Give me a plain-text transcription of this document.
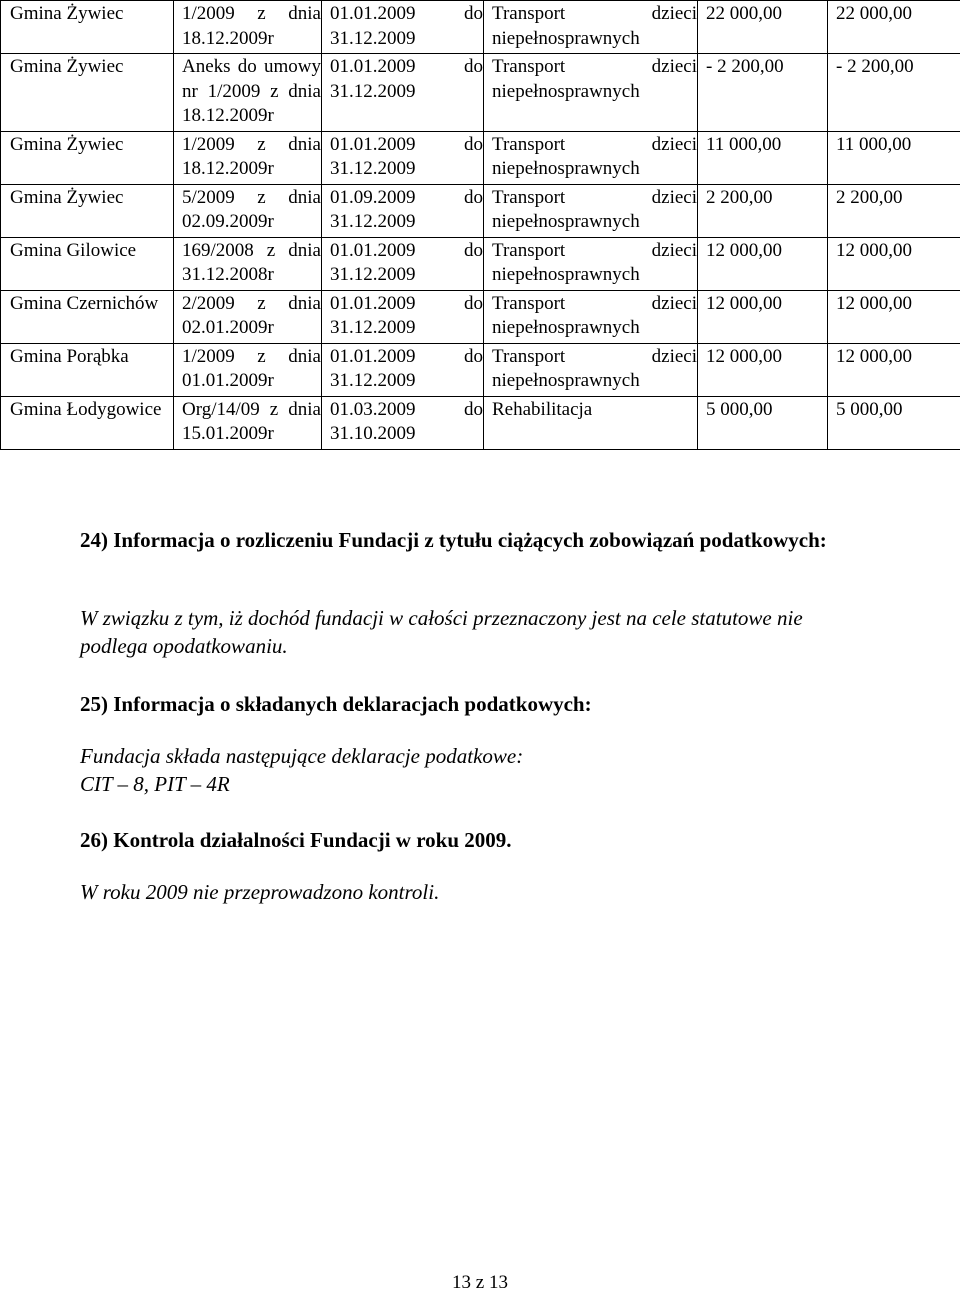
Gmina Żywiec	1/2009 z dnia 18.12.2009r	01.01.2009 do 31.12.2009	Transport dzieci niepełnosprawnych	22 000,00	22 000,00
Gmina Żywiec	Aneks do umowy nr 1/2009 z dnia 18.12.2009r	01.01.2009 do 31.12.2009	Transport dzieci niepełnosprawnych	- 2 200,00	- 2 200,00
Gmina Żywiec	1/2009 z dnia 18.12.2009r	01.01.2009 do 31.12.2009	Transport dzieci niepełnosprawnych	11 000,00	11 000,00
Gmina Żywiec	5/2009 z dnia 02.09.2009r	01.09.2009 do 31.12.2009	Transport dzieci niepełnosprawnych	2 200,00	2 200,00
Gmina Gilowice	169/2008 z dnia 31.12.2008r	01.01.2009 do 31.12.2009	Transport dzieci niepełnosprawnych	12 000,00	12 000,00
Gmina Czernichów	2/2009 z dnia 02.01.2009r	01.01.2009 do 31.12.2009	Transport dzieci niepełnosprawnych	12 000,00	12 000,00
Gmina Porąbka	1/2009 z dnia 01.01.2009r	01.01.2009 do 31.12.2009	Transport dzieci niepełnosprawnych	12 000,00	12 000,00
Gmina Łodygowice	Org/14/09 z dnia 15.01.2009r	01.03.2009 do 31.10.2009	Rehabilitacja	5 000,00	5 000,00
24) Informacja o rozliczeniu Fundacji z tytułu ciążących zobowiązań podatkowych:
W związku z tym, iż dochód fundacji w całości przeznaczony jest na cele statutowe nie podlega opodatkowaniu.
25) Informacja o składanych deklaracjach podatkowych:
Fundacja składa następujące deklaracje podatkowe:
CIT – 8, PIT – 4R
26) Kontrola działalności Fundacji w roku 2009.
W roku 2009 nie przeprowadzono kontroli.
13 z 13
